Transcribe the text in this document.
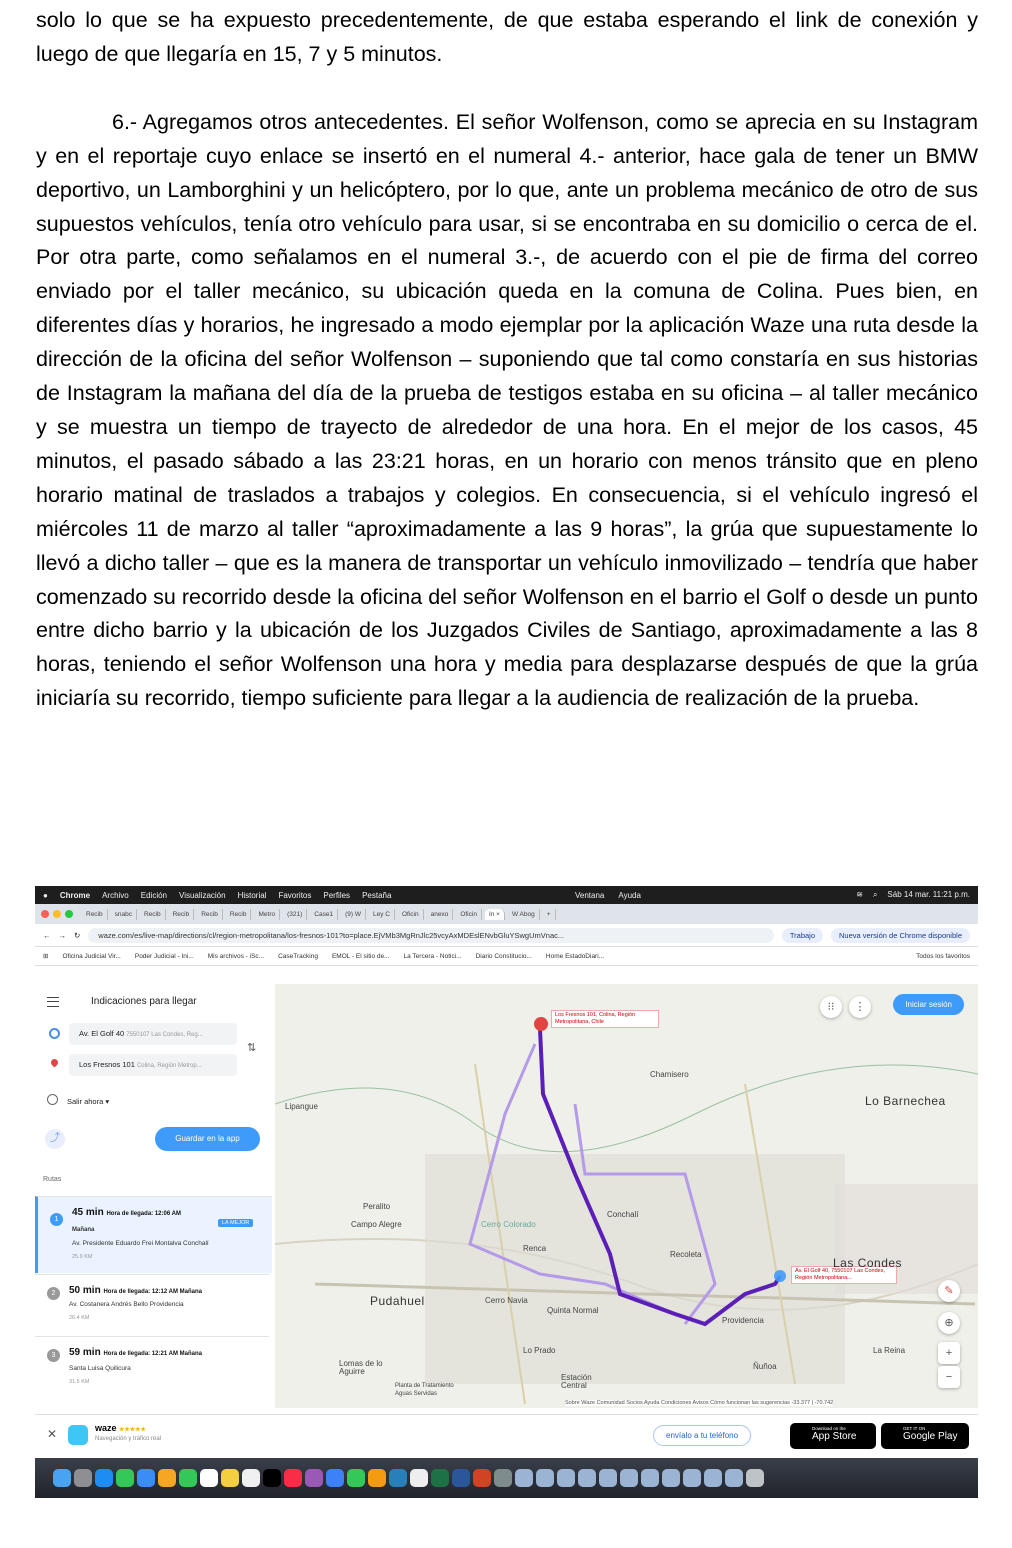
solo lo que se ha expuesto precedentemente, de que estaba esperando el link de conexión y luego de que llegaría en 15, 7 y 5 minutos.

6.- Agregamos otros antecedentes. El señor Wolfenson, como se aprecia en su Instagram y en el reportaje cuyo enlace se insertó en el numeral 4.- anterior, hace gala de tener un BMW deportivo, un Lamborghini y un helicóptero, por lo que, ante un problema mecánico de otro de sus supuestos vehículos, tenía otro vehículo para usar, si se encontraba en su domicilio o cerca de el. Por otra parte, como señalamos en el numeral 3.-, de acuerdo con el pie de firma del correo enviado por el taller mecánico, su ubicación queda en la comuna de Colina. Pues bien, en diferentes días y horarios, he ingresado a modo ejemplar por la aplicación Waze una ruta desde la dirección de la oficina del señor Wolfenson – suponiendo que tal como constaría en sus historias de Instagram la mañana del día de la prueba de testigos estaba en su oficina – al taller mecánico y se muestra un tiempo de trayecto de alrededor de una hora. En el mejor de los casos, 45 minutos, el pasado sábado a las 23:21 horas, en un horario con menos tránsito que en pleno horario matinal de traslados a trabajos y colegios. En consecuencia, si el vehículo ingresó el miércoles 11 de marzo al taller “aproximadamente a las 9 horas”, la grúa que supuestamente lo llevó a dicho taller – que es la manera de transportar un vehículo inmovilizado – tendría que haber comenzado su recorrido desde la oficina del señor Wolfenson en el barrio el Golf o desde un punto entre dicho barrio y la ubicación de los Juzgados Civiles de Santiago, aproximadamente a las 8 horas, teniendo el señor Wolfenson una hora y media para desplazarse después de que la grúa iniciaría su recorrido, tiempo suficiente para llegar a la audiencia de realización de la prueba.

● Chrome Archivo Edición Visualización Historial Favoritos Perfiles Pestaña	Ventana Ayuda	≋ ⌕ Sáb 14 mar. 11:21 p.m.
Recib	snabc	Recib	Recib	Recib	Recib	Metro	(321)	Case1	(9) W	Ley C	Oficin	anexo	Oficin	In ×	W Abog	+
← → ↻	waze.com/es/live-map/directions/cl/region-metropolitana/los-fresnos-101?to=place.EjVMb3MgRnJlc25vcyAxMDEslENvbGluYSwgUmVnac...	Trabajo	Nueva versión de Chrome disponible
⊞ Oficina Judicial Vir... Poder Judicial - Ini... Mis archivos - iSc... CaseTracking EMOL - El sitio de... La Tercera - Notici... Diario Constitucio... Home EstadoDiari...	Todos los favoritos
Indicaciones para llegar
Av. El Golf 40 7550107 Las Condes, Reg...
Los Fresnos 101 Colina, Región Metrop...
⇅
Salir ahora ▾
⤴	Guardar en la app
Rutas
1
45 min Hora de llegada: 12:06 AM
Mañana
LA MEJOR
Av. Presidente Eduardo Frei Montalva Conchalí
25.9 KM
2	50 min Hora de llegada: 12:12 AM Mañana
Av. Costanera Andrés Bello Providencia
26.4 KM
3	59 min Hora de llegada: 12:21 AM Mañana
Santa Luisa Quilicura
31.5 KM
Los Fresnos 101, Colina, Región Metropolitana, Chile
Av. El Golf 40, 7550107 Las Condes, Región Metropolitana...
Chamisero
Lo Barnechea
Lipangue
Peralito
Campo Alegre	Cerro Colorado
Renca
Conchalí
Recoleta
Las Condes
Pudahuel	Cerro Navia
Quinta Normal
Providencia
Lo Prado	La Reina
Ñuñoa
Lomas de lo Aguirre
Planta de Tratamiento Aguas Servidas
Estación Central
⁝⁝	⋮	Iniciar sesión
✎
⊕
+
−
Sobre Waze Comunidad Socios Ayuda Condiciones Avisos Cómo funcionan las sugerencias -33.377 | -70.742
✕	waze ★★★★★
Navegación y tráfico real	envíalo a tu teléfono
Download on the
App Store
GET IT ON
Google Play
